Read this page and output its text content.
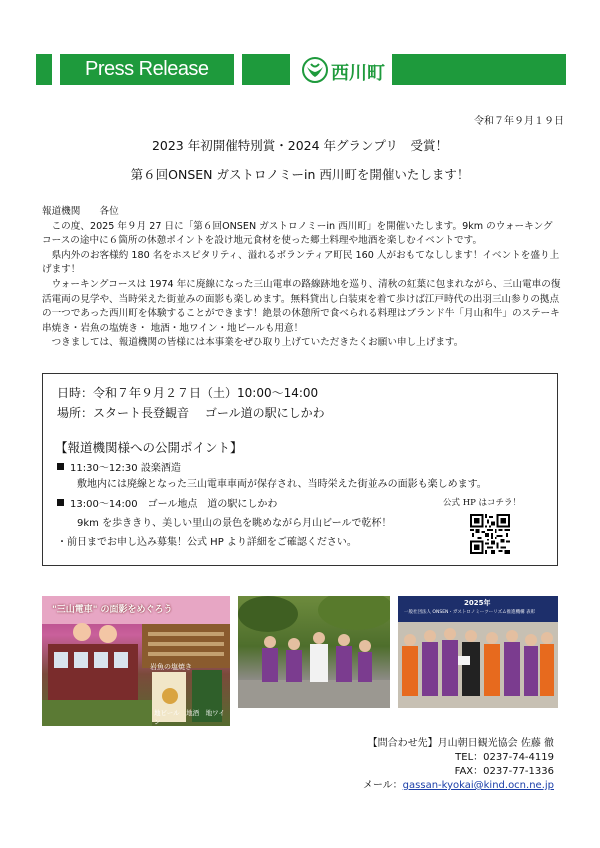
Press Release	西川町
令和７年９月１９日
2023 年初開催特別賞・2024 年グランプリ　受賞！
第６回ONSEN ガストロノミーin 西川町を開催いたします！

報道機関　　各位

　この度、2025 年９月 27 日に「第６回ONSEN ガストロノミーin 西川町」を開催いたします。9km のウォーキングコースの途中に６箇所の休憩ポイントを設け地元食材を使った郷土料理や地酒を楽しむイベントです。

　県内外のお客様約 180 名をホスピタリティ、溢れるボランティア町民 160 人がおもてなしします！イベントを盛り上げます！

　ウォーキングコースは 1974 年に廃線になった三山電車の路線跡地を巡り、清秋の紅葉に包まれながら、三山電車の復活電両の見学や、当時栄えた街並みの面影も楽しめます。無料貸出し白装束を着て歩けば江戸時代の出羽三山参りの拠点の一つであった西川町を体験することができます！絶景の休憩所で食べられる料理はブランド牛「月山和牛」のステーキ串焼き・岩魚の塩焼き・ 地酒・地ワイン・地ビールも用意！

　つきましては、報道機関の皆様には本事業をぜひ取り上げていただきたくお願い申し上げます。

日時：令和７年９月２７日（土）10:00～14:00
場所：スタート長登観音　 ゴール道の駅にしかわ
【報道機関様への公開ポイント】
11:30～12:30 設楽酒造
敷地内には廃線となった三山電車車両が保存され、当時栄えた街並みの面影も楽しめます。
13:00～14:00　ゴール地点　道の駅にしかわ
9km を歩ききり、美しい里山の景色を眺めながら月山ビールで乾杯！
・前日までお申し込み募集！公式 HP より詳細をご確認ください。
公式 HP はコチラ！
"三山電車" の面影をめぐろう
岩魚の塩焼き
地ビール　地酒　地ワイン
2025年
一般社団法人 ONSEN・ガストロノミーツーリズム推進機構 表彰
【問合わせ先】月山朝日観光協会 佐藤 徹
TEL：0237-74-4119
FAX：0237-77-1336
メール：gassan-kyokai@kind.ocn.ne.jp
